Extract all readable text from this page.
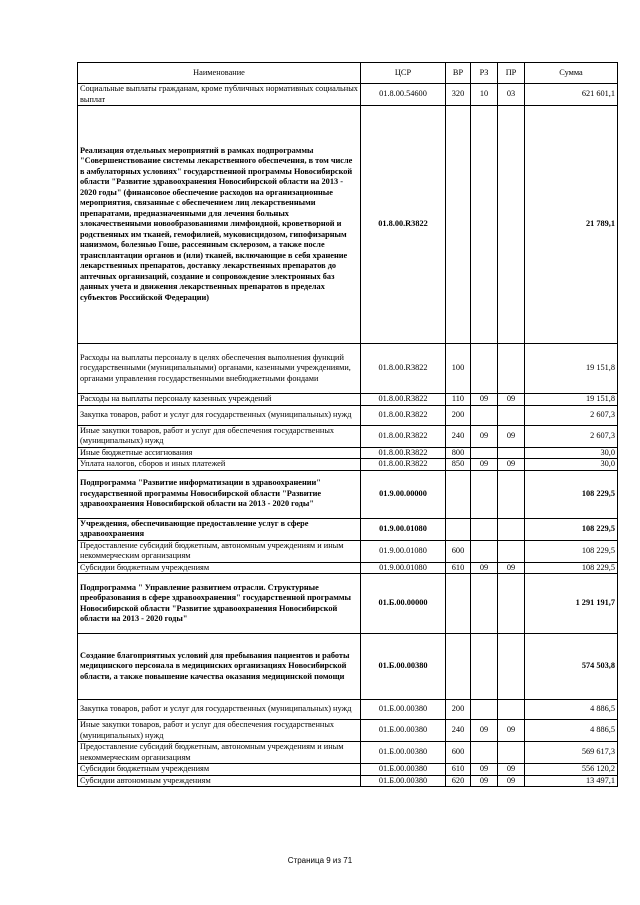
Наименование	ЦСР	ВР	РЗ	ПР	Сумма
Социальные выплаты гражданам, кроме публичных нормативных социальных выплат	01.8.00.54600	320	10	03	621 601,1
Реализация отдельных мероприятий в рамках подпрограммы "Совершенствование системы лекарственного обеспечения, в том числе в амбулаторных условиях" государственной программы Новосибирской области "Развитие здравоохранения Новосибирской области на 2013 - 2020 годы" (финансовое обеспечение расходов на организационные мероприятия, связанные с обеспечением лиц лекарственными препаратами, предназначенными для лечения больных злокачественными новообразованиями лимфоидной, кроветворной и родственных им тканей, гемофилией, муковисцидозом, гипофизарным нанизмом, болезнью Гоше, рассеянным склерозом, а также после трансплантации органов и (или) тканей, включающие в себя хранение лекарственных препаратов, доставку лекарственных препаратов до аптечных организаций, создание и сопровождение электронных баз данных учета и движения лекарственных препаратов в пределах субъектов Российской Федерации)	01.8.00.R3822				21 789,1
Расходы на выплаты персоналу в целях обеспечения выполнения функций государственными (муниципальными) органами, казенными учреждениями, органами управления государственными внебюджетными фондами	01.8.00.R3822	100			19 151,8
Расходы на выплаты персоналу казенных учреждений	01.8.00.R3822	110	09	09	19 151,8
Закупка товаров, работ и услуг для государственных (муниципальных) нужд	01.8.00.R3822	200			2 607,3
Иные закупки товаров, работ и услуг для обеспечения государственных (муниципальных) нужд	01.8.00.R3822	240	09	09	2 607,3
Иные бюджетные ассигнования	01.8.00.R3822	800			30,0
Уплата налогов, сборов и иных платежей	01.8.00.R3822	850	09	09	30,0
Подпрограмма "Развитие информатизации в здравоохранении" государственной программы Новосибирской области "Развитие здравоохранения Новосибирской области на 2013 - 2020 годы"	01.9.00.00000				108 229,5
Учреждения, обеспечивающие предоставление услуг в сфере здравоохранения	01.9.00.01080				108 229,5
Предоставление субсидий бюджетным, автономным учреждениям и иным некоммерческим организациям	01.9.00.01080	600			108 229,5
Субсидии бюджетным учреждениям	01.9.00.01080	610	09	09	108 229,5
Подпрограмма " Управление развитием отрасли. Структурные преобразования в сфере здравоохранения" государственной программы Новосибирской области "Развитие здравоохранения Новосибирской области на 2013 - 2020 годы"	01.Б.00.00000				1 291 191,7
Создание благоприятных условий для пребывания пациентов и работы медицинского персонала в медицинских организациях Новосибирской области, а также повышение качества оказания медицинской помощи	01.Б.00.00380				574 503,8
Закупка товаров, работ и услуг для государственных (муниципальных) нужд	01.Б.00.00380	200			4 886,5
Иные закупки товаров, работ и услуг для обеспечения государственных (муниципальных) нужд	01.Б.00.00380	240	09	09	4 886,5
Предоставление субсидий бюджетным, автономным учреждениям и иным некоммерческим организациям	01.Б.00.00380	600			569 617,3
Субсидии бюджетным учреждениям	01.Б.00.00380	610	09	09	556 120,2
Субсидии автономным учреждениям	01.Б.00.00380	620	09	09	13 497,1
Страница 9 из 71
